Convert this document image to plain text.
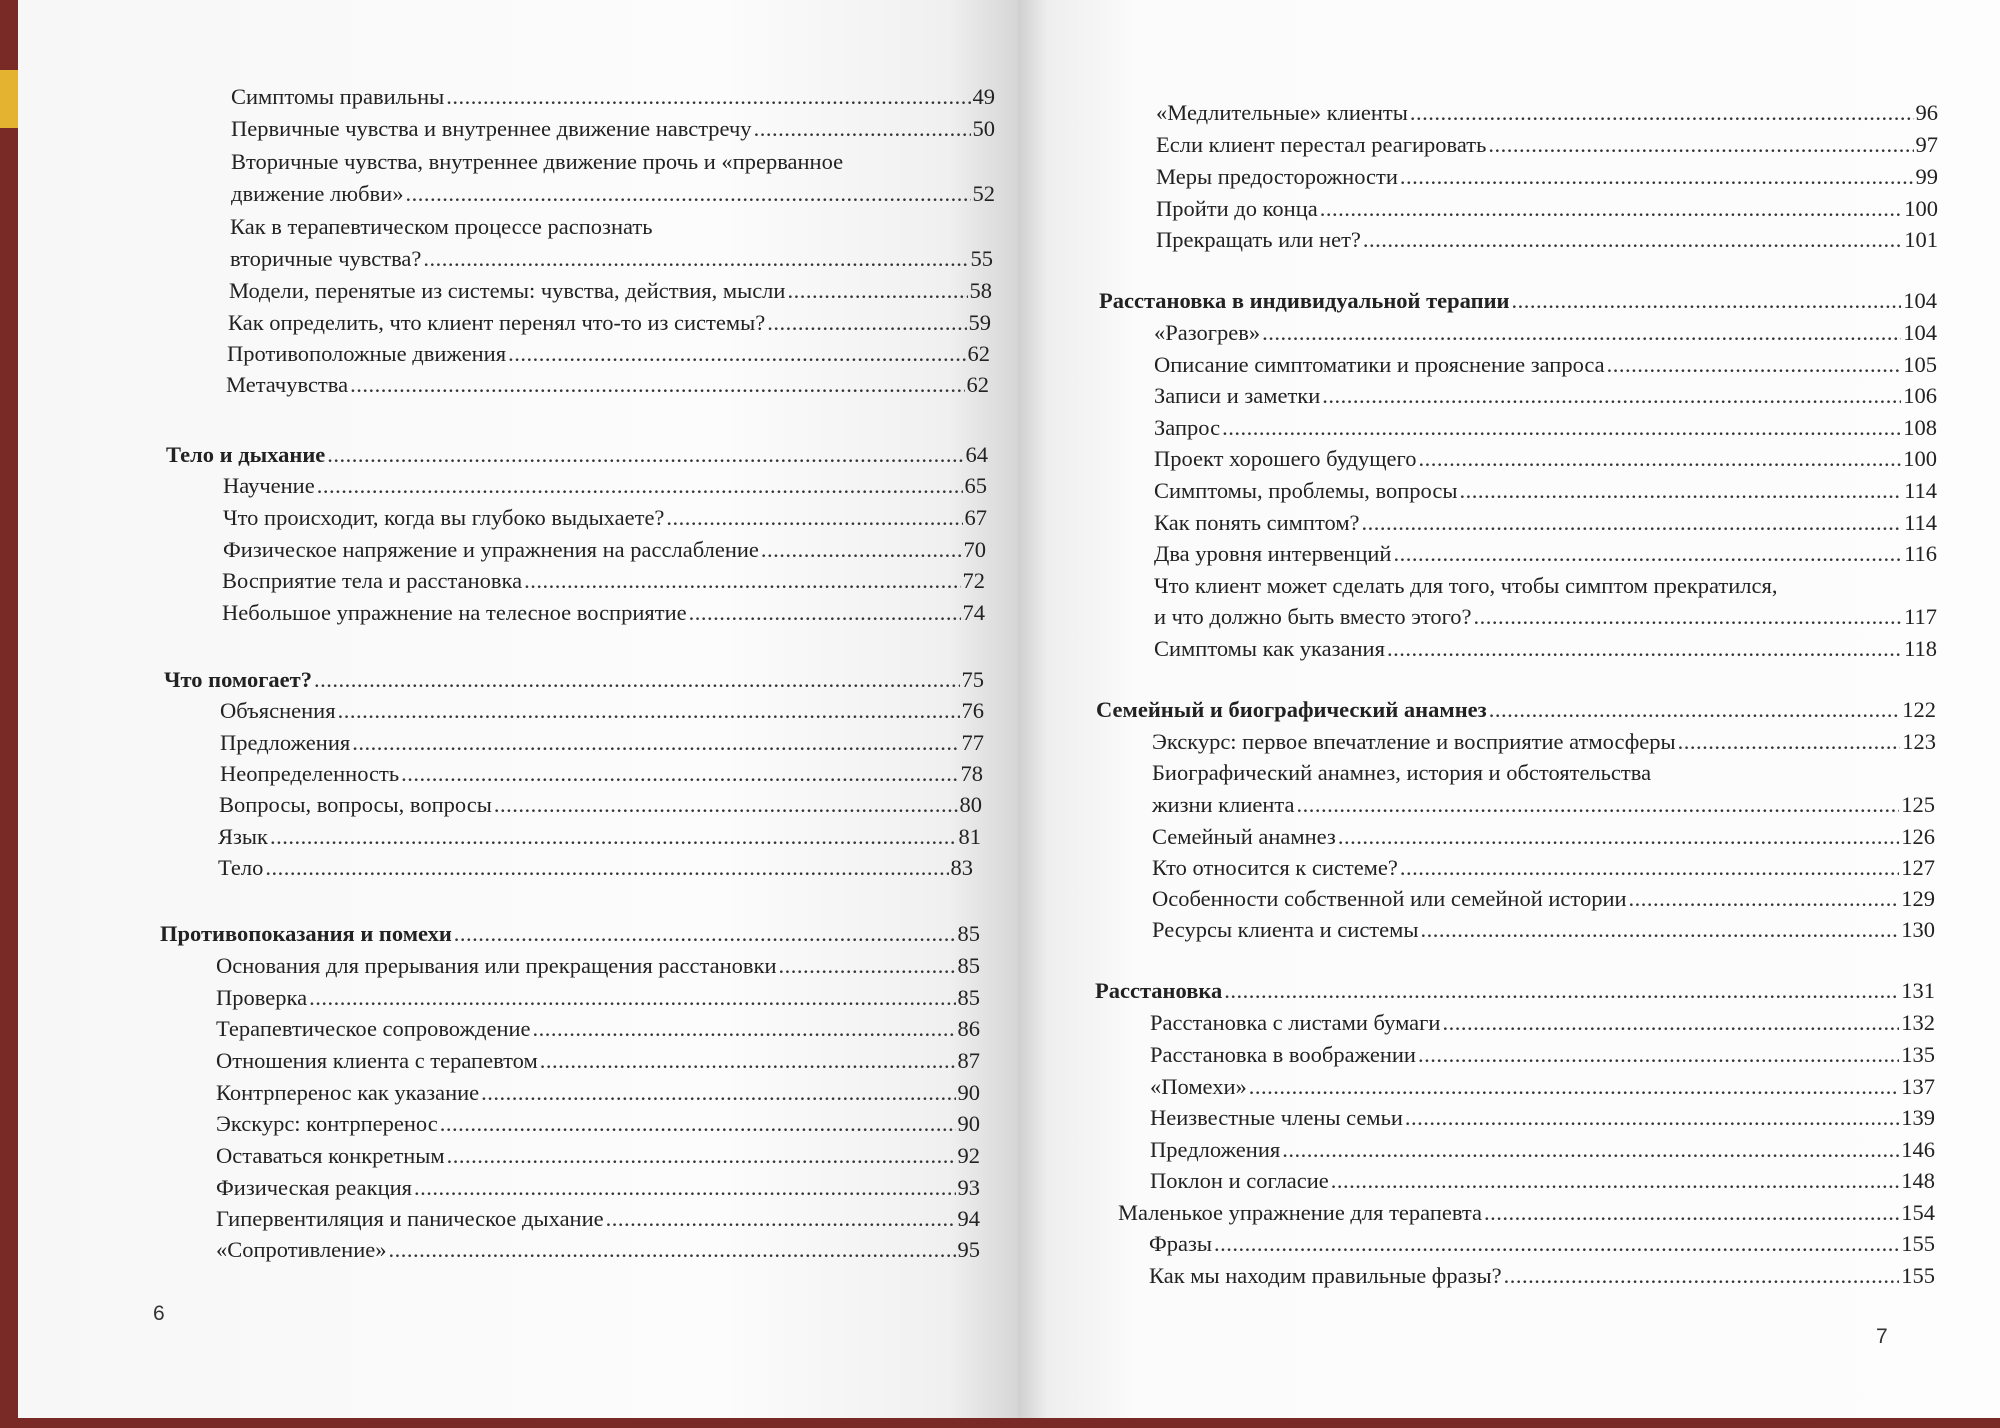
Симптомы правильны .....	49
Первичные чувства и внутреннее движение навстречу .....	50
Вторичные чувства, внутреннее движение прочь и «прерванное
движение любви» .....	52
Как в терапевтическом процессе распознать
вторичные чувства? .....	55
Модели, перенятые из системы: чувства, действия, мысли .....	58
Как определить, что клиент перенял что-то из системы? .....	59
Противоположные движения .....	62
Метачувства .....	62
Тело и дыхание .....	64
Научение .....	65
Что происходит, когда вы глубоко выдыхаете? .....	67
Физическое напряжение и упражнения на расслабление .....	70
Восприятие тела и расстановка .....	72
Небольшое упражнение на телесное восприятие .....	74
Что помогает? .....	75
Объяснения .....	76
Предложения .....	77
Неопределенность .....	78
Вопросы, вопросы, вопросы .....	80
Язык .....	81
Тело .....	83
Противопоказания и помехи .....	85
Основания для прерывания или прекращения расстановки .....	85
Проверка .....	85
Терапевтическое сопровождение .....	86
Отношения клиента с терапевтом .....	87
Контрперенос как указание .....	90
Экскурс: контрперенос .....	90
Оставаться конкретным .....	92
Физическая реакция .....	93
Гипервентиляция и паническое дыхание .....	94
«Сопротивление» .....	95
6
«Медлительные» клиенты .....	96
Если клиент перестал реагировать .....	97
Меры предосторожности .....	99
Пройти до конца .....	100
Прекращать или нет? .....	101
Расстановка в индивидуальной терапии .....	104
«Разогрев» .....	104
Описание симптоматики и прояснение запроса .....	105
Записи и заметки .....	106
Запрос .....	108
Проект хорошего будущего .....	100
Симптомы, проблемы, вопросы .....	114
Как понять симптом? .....	114
Два уровня интервенций .....	116
Что клиент может сделать для того, чтобы симптом прекратился,
и что должно быть вместо этого? .....	117
Симптомы как указания .....	118
Семейный и биографический анамнез .....	122
Экскурс: первое впечатление и восприятие атмосферы .....	123
Биографический анамнез, история и обстоятельства
жизни клиента .....	125
Семейный анамнез .....	126
Кто относится к системе? .....	127
Особенности собственной или семейной истории .....	129
Ресурсы клиента и системы .....	130
Расстановка .....	131
Расстановка с листами бумаги .....	132
Расстановка в воображении .....	135
«Помехи» .....	137
Неизвестные члены семьи .....	139
Предложения .....	146
Поклон и согласие .....	148
Маленькое упражнение для терапевта .....	154
Фразы .....	155
Как мы находим правильные фразы? .....	155
7
